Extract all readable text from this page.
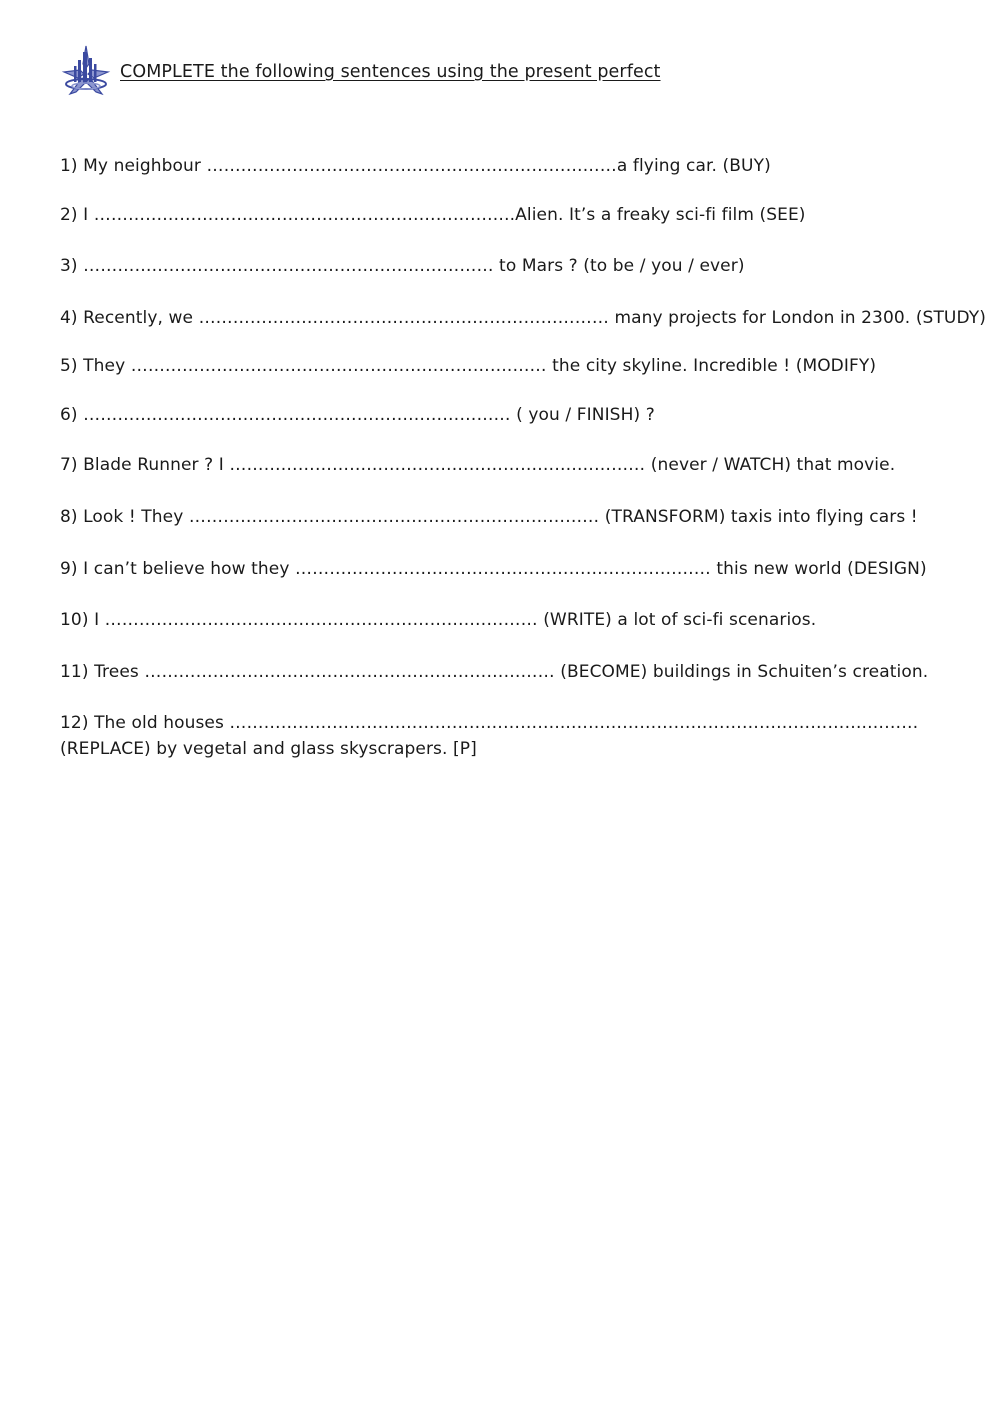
COMPLETE the following sentences using the present perfect
1) My neighbour ………………………………………………………………a flying car. (BUY)
2) I …………………………………………………………….….Alien. It’s a freaky sci-fi film (SEE)
3) ……………………………………………………………… to Mars ? (to be / you / ever)
4) Recently, we ……………………………………………………………… many projects for London in 2300. (STUDY)
5) They ………………………………………………………….…… the city skyline. Incredible ! (MODIFY)
6) ………………………………………………………………… ( you / FINISH) ?
7) Blade Runner ? I …………………………………………………….………… (never / WATCH) that movie.
8) Look ! They ……………………………………………………………… (TRANSFORM) taxis into flying cars !
9) I can’t believe how they ………………………………………………………….…… this new world (DESIGN)
10) I ……………………………………………………….………… (WRITE) a lot of sci-fi scenarios.
11) Trees ……………………………………………………………… (BECOME) buildings in Schuiten’s creation.
12) The old houses …………………………………………………...…………………………………………….……… (REPLACE) by vegetal and glass skyscrapers. [P]
